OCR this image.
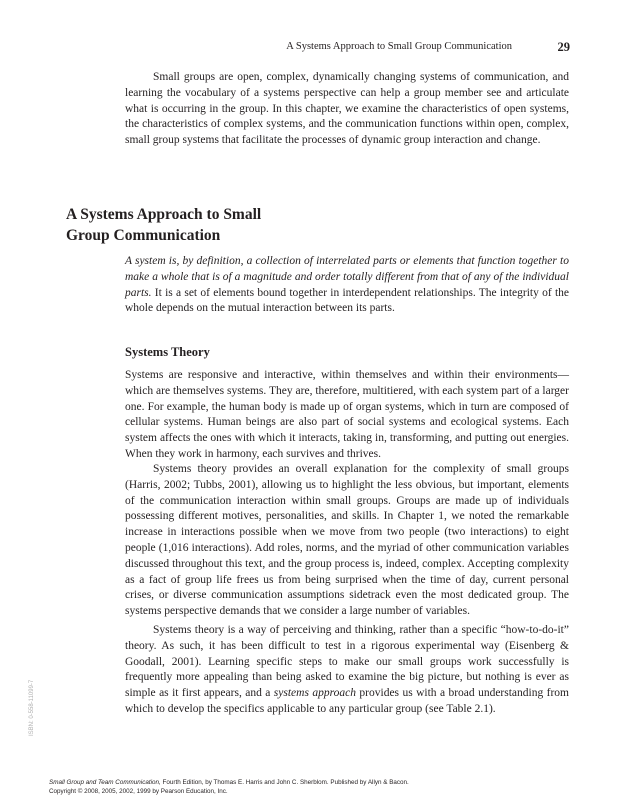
A Systems Approach to Small Group Communication	29

Small groups are open, complex, dynamically changing systems of communication, and learning the vocabulary of a systems perspective can help a group member see and articulate what is occurring in the group. In this chapter, we examine the characteristics of open systems, the characteristics of complex systems, and the communication functions within open, complex, small group systems that facilitate the processes of dynamic group interaction and change.

A Systems Approach to Small
Group Communication

A system is, by definition, a collection of interrelated parts or elements that function together to make a whole that is of a magnitude and order totally different from that of any of the individual parts. It is a set of elements bound together in interdependent relationships. The integrity of the whole depends on the mutual interaction between its parts.

Systems Theory

Systems are responsive and interactive, within themselves and within their environments—which are themselves systems. They are, therefore, multitiered, with each system part of a larger one. For example, the human body is made up of organ systems, which in turn are composed of cellular systems. Human beings are also part of social systems and ecological systems. Each system affects the ones with which it interacts, taking in, transforming, and putting out energies. When they work in harmony, each survives and thrives.

Systems theory provides an overall explanation for the complexity of small groups (Harris, 2002; Tubbs, 2001), allowing us to highlight the less obvious, but important, elements of the communication interaction within small groups. Groups are made up of individuals possessing different motives, personalities, and skills. In Chapter 1, we noted the remarkable increase in interactions possible when we move from two people (two interactions) to eight people (1,016 interactions). Add roles, norms, and the myriad of other communication variables discussed throughout this text, and the group process is, indeed, complex. Accepting complexity as a fact of group life frees us from being surprised when the time of day, current personal crises, or diverse communication assumptions sidetrack even the most dedicated group. The systems perspective demands that we consider a large number of variables.

Systems theory is a way of perceiving and thinking, rather than a specific “how-to-do-it” theory. As such, it has been difficult to test in a rigorous experimental way (Eisenberg & Goodall, 2001). Learning specific steps to make our small groups work successfully is frequently more appealing than being asked to examine the big picture, but nothing is ever as simple as it first appears, and a systems approach provides us with a broad understanding from which to develop the specifics applicable to any particular group (see Table 2.1).

ISBN: 0-558-11099-7

Small Group and Team Communication, Fourth Edition, by Thomas E. Harris and John C. Sherblom. Published by Allyn & Bacon.

Copyright © 2008, 2005, 2002, 1999 by Pearson Education, Inc.
